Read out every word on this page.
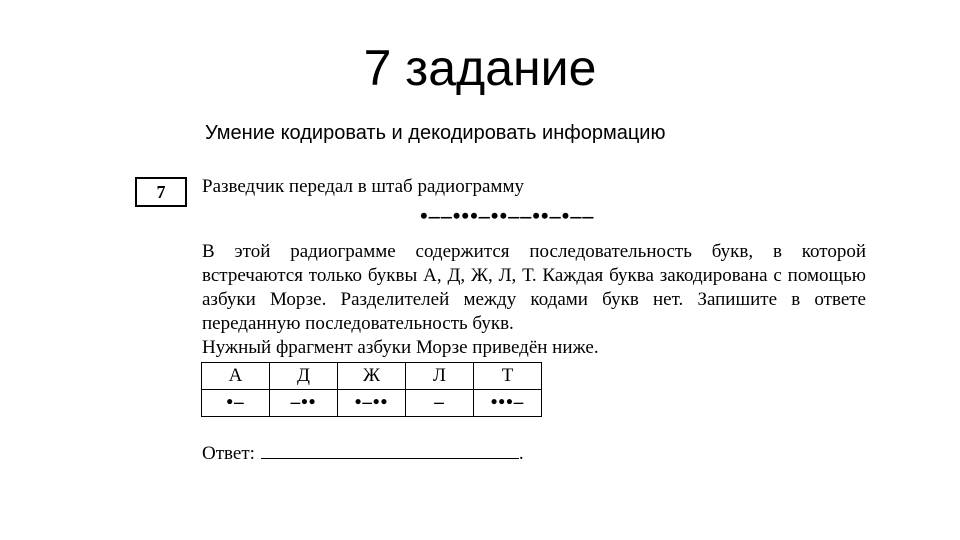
7 задание
Умение кодировать и декодировать информацию
7	Разведчик передал в штаб радиограмму
•––•••–••––••–•––

В этой радиограмме содержится последовательность букв, в которой встречаются только буквы А, Д, Ж, Л, Т. Каждая буква закодирована с помощью азбуки Морзе. Разделителей между кодами букв нет. Запишите в ответе переданную последовательность букв.

Нужный фрагмент азбуки Морзе приведён ниже.

А	Д	Ж	Л	Т
•–	–••	•–••	–	•••–
Ответ:	.
